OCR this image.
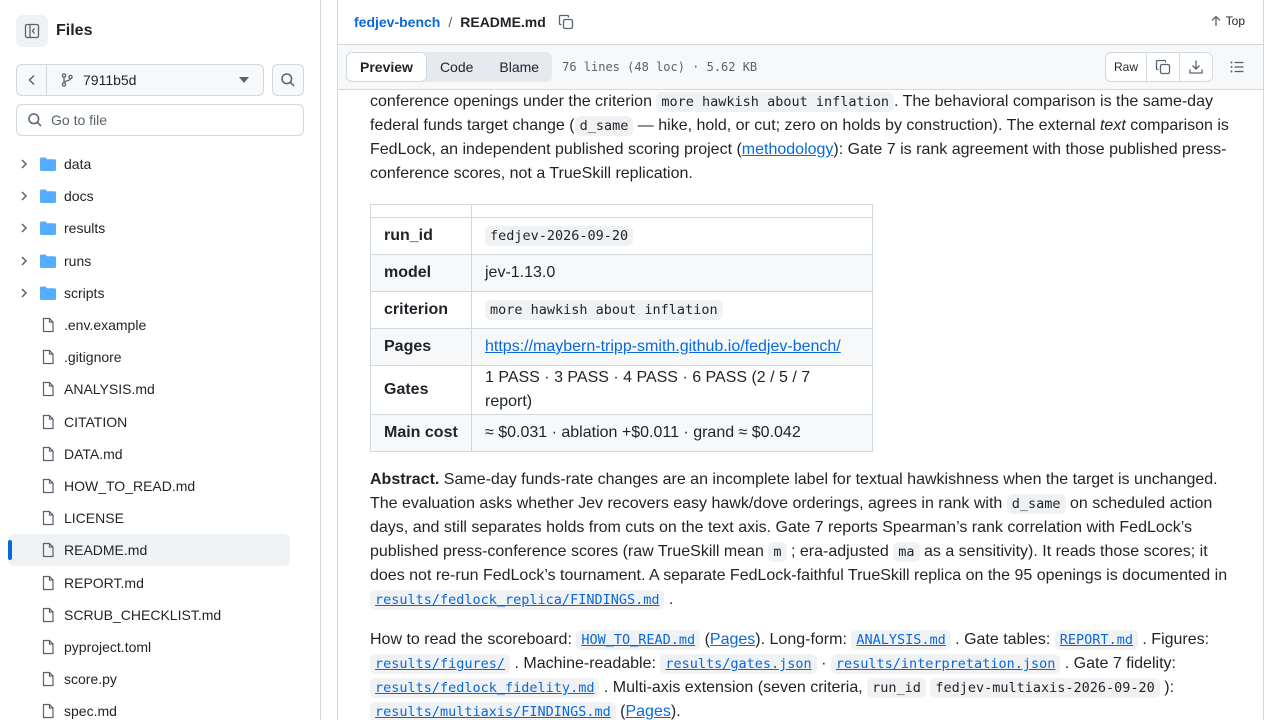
Files
7911b5d
Go to file
data
docs
results
runs
scripts
.env.example
.gitignore
ANALYSIS.md
CITATION
DATA.md
HOW_TO_READ.md
LICENSE
README.md
REPORT.md
SCRUB_CHECKLIST.md
pyproject.toml
score.py
spec.md
fedjev-bench / README.md	Top
Preview	Code	Blame	76 lines (48 loc) · 5.62 KB	Raw

conference openings under the criterion more hawkish about inflation . The behavioral comparison is the same-day federal funds target change ( d_same — hike, hold, or cut; zero on holds by construction). The external text comparison is FedLock, an independent published scoring project (methodology): Gate 7 is rank agreement with those published press-conference scores, not a TrueSkill replication.

run_id	fedjev-2026-09-20
model	jev-1.13.0
criterion	more hawkish about inflation
Pages	https://maybern-tripp-smith.github.io/fedjev-bench/
Gates	1 PASS · 3 PASS · 4 PASS · 6 PASS (2 / 5 / 7 report)
Main cost	≈ $0.031 · ablation +$0.011 · grand ≈ $0.042

Abstract. Same-day funds-rate changes are an incomplete label for textual hawkishness when the target is unchanged. The evaluation asks whether Jev recovers easy hawk/dove orderings, agrees in rank with d_same on scheduled action days, and still separates holds from cuts on the text axis. Gate 7 reports Spearman’s rank correlation with FedLock’s published press-conference scores (raw TrueSkill mean m ; era-adjusted ma as a sensitivity). It reads those scores; it does not re-run FedLock’s tournament. A separate FedLock-faithful TrueSkill replica on the 95 openings is documented in results/fedlock_replica/FINDINGS.md .

How to read the scoreboard: HOW_TO_READ.md (Pages). Long-form: ANALYSIS.md . Gate tables: REPORT.md . Figures: results/figures/ . Machine-readable: results/gates.json · results/interpretation.json . Gate 7 fidelity: results/fedlock_fidelity.md . Multi-axis extension (seven criteria, run_id fedjev-multiaxis-2026-09-20 ): results/multiaxis/FINDINGS.md (Pages).
